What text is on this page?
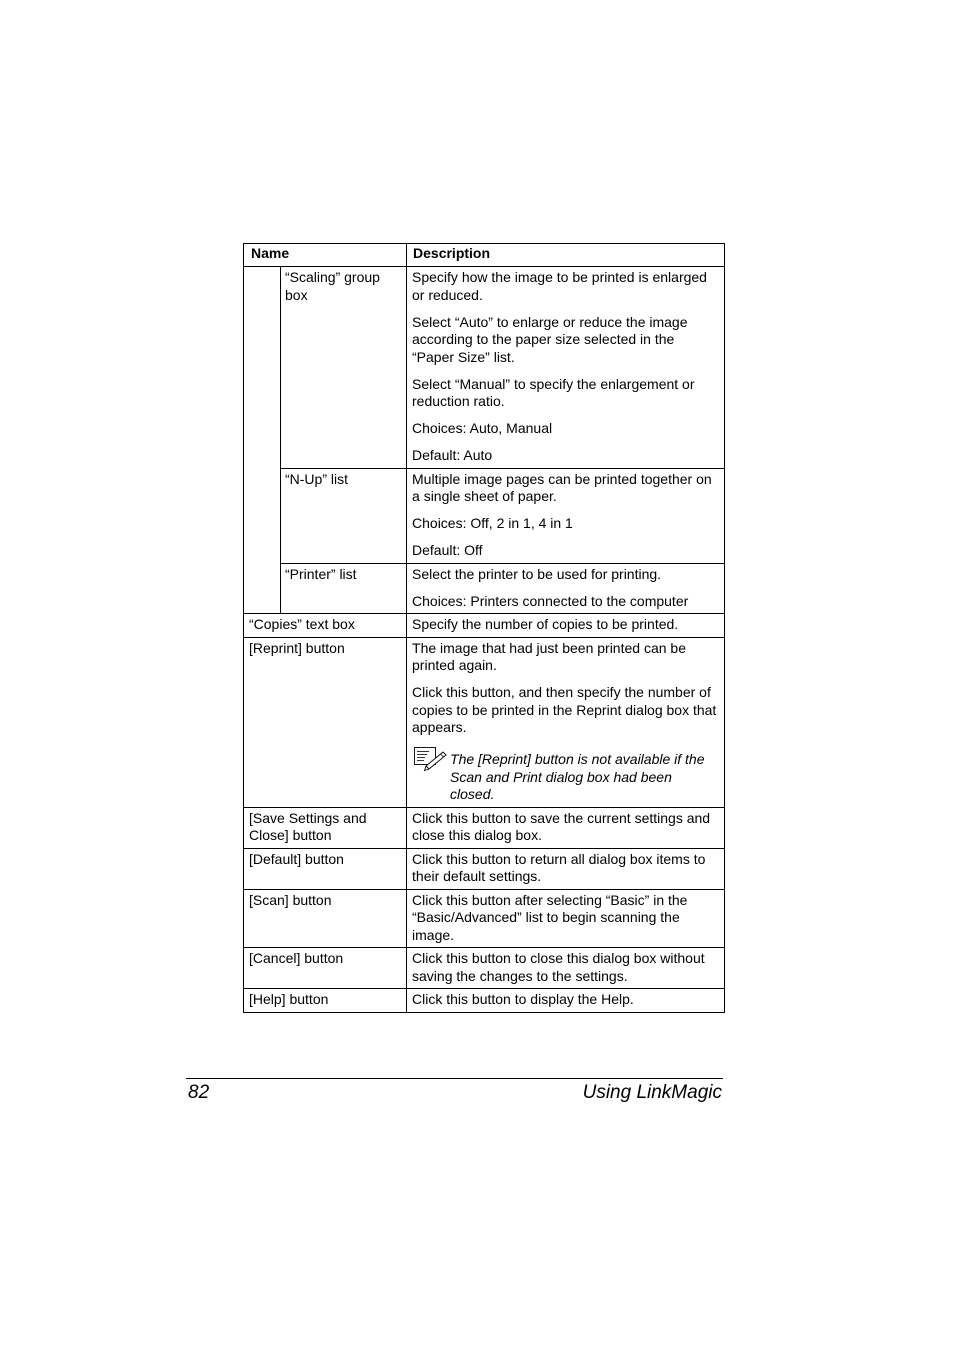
Name		Description
	“Scaling” group box	Specify how the image to be printed is enlarged or reduced.

Select “Auto” to enlarge or reduce the image according to the paper size selected in the “Paper Size” list.

Select “Manual” to specify the enlargement or reduction ratio.

Choices: Auto, Manual

Default: Auto

	“N-Up” list	Multiple image pages can be printed together on a single sheet of paper.

Choices: Off, 2 in 1, 4 in 1

Default: Off

	“Printer” list	Select the printer to be used for printing.

Choices: Printers connected to the computer

“Copies” text box		Specify the number of copies to be printed.

[Reprint] button		The image that had just been printed can be printed again.

Click this button, and then specify the number of copies to be printed in the Reprint dialog box that appears.

The [Reprint] button is not available if the Scan and Print dialog box had been closed.

[Save Settings and Close] button		Click this button to save the current settings and close this dialog box.

[Default] button		Click this button to return all dialog box items to their default settings.

[Scan] button		Click this button after selecting “Basic” in the “Basic/Advanced” list to begin scanning the image.

[Cancel] button		Click this button to close this dialog box without saving the changes to the settings.

[Help] button		Click this button to display the Help.

82	Using LinkMagic
